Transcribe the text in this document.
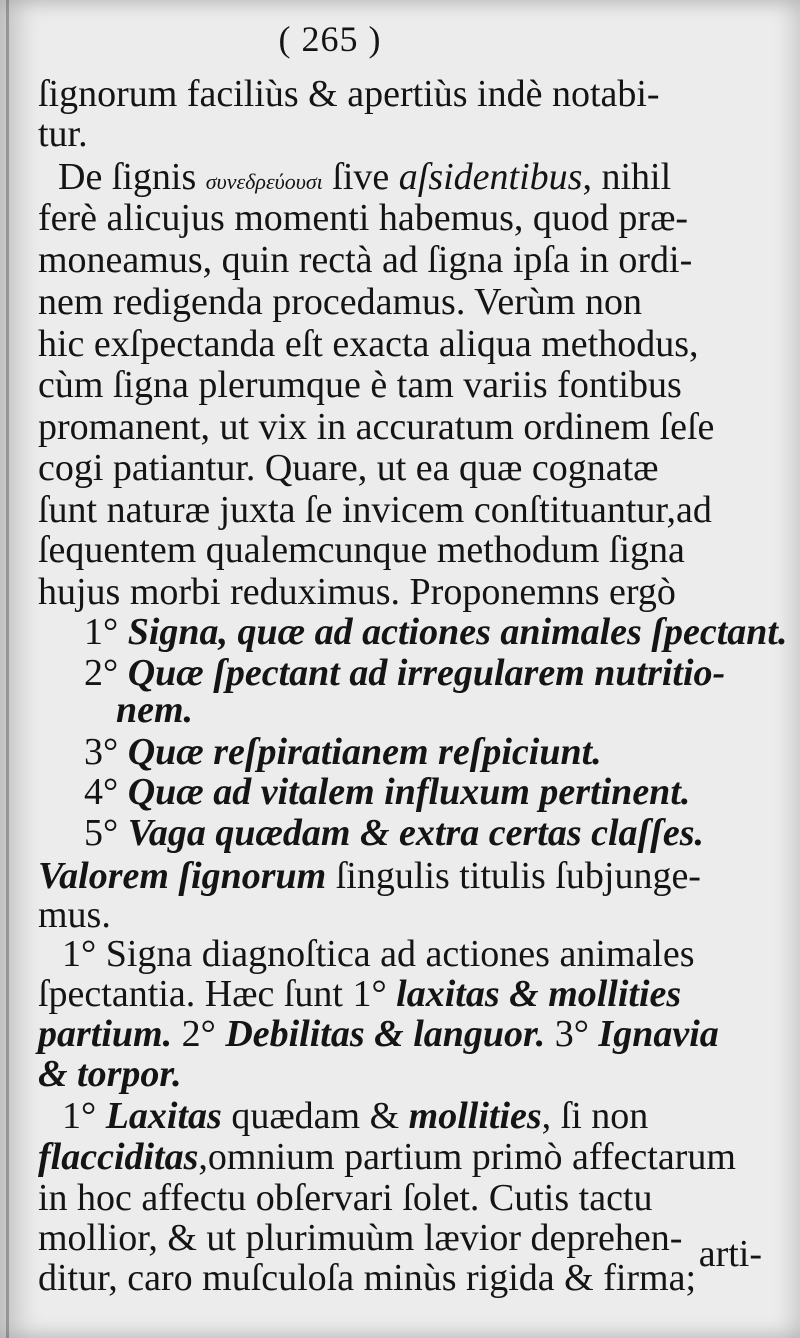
( 265 )
ſignorum faciliùs & apertiùs indè notabi-
tur.
De ſignis συνεδρεύουσι ſive aſsidentibus, nihil
ferè alicujus momenti habemus, quod præ-
moneamus, quin rectà ad ſigna ipſa in ordi-
nem redigenda procedamus. Verùm non
hic exſpectanda eſt exacta aliqua methodus,
cùm ſigna plerumque è tam variis fontibus
promanent, ut vix in accuratum ordinem ſeſe
cogi patiantur. Quare, ut ea quæ cognatæ
ſunt naturæ juxta ſe invicem conſtituantur,ad
ſequentem qualemcunque methodum ſigna
hujus morbi reduximus. Proponemns ergò
1° Signa, quæ ad actiones animales ſpectant.
2° Quæ ſpectant ad irregularem nutritio-
nem.
3° Quæ reſpiratianem reſpiciunt.
4° Quæ ad vitalem influxum pertinent.
5° Vaga quædam & extra certas claſſes.
Valorem ſignorum ſingulis titulis ſubjunge-
mus.
1° Signa diagnoſtica ad actiones animales
ſpectantia. Hæc ſunt 1° laxitas & mollities
partium. 2° Debilitas & languor. 3° Ignavia
& torpor.
1° Laxitas quædam & mollities, ſi non
flacciditas,omnium partium primò affectarum
in hoc affectu obſervari ſolet. Cutis tactu
mollior, & ut plurimuùm lævior deprehen-
ditur, caro muſculoſa minùs rigida & firma;
arti-
